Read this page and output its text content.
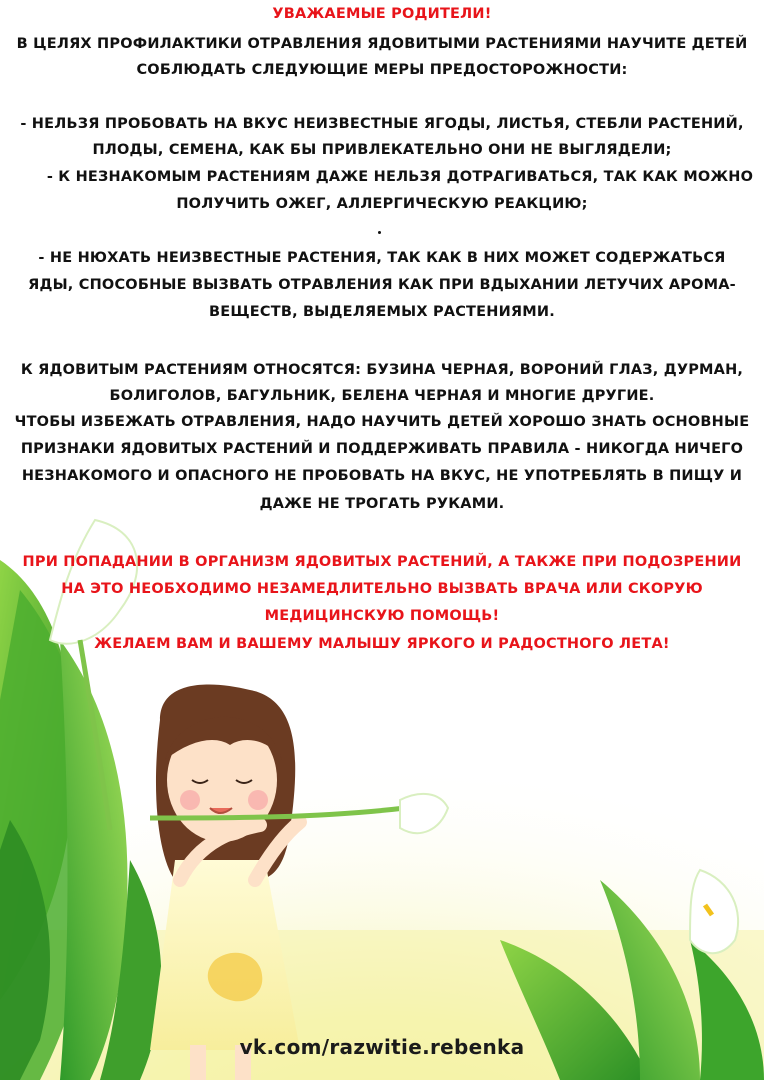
УВАЖАЕМЫЕ РОДИТЕЛИ!
В ЦЕЛЯХ ПРОФИЛАКТИКИ ОТРАВЛЕНИЯ ЯДОВИТЫМИ РАСТЕНИЯМИ НАУЧИТЕ ДЕТЕЙ
СОБЛЮДАТЬ СЛЕДУЮЩИЕ МЕРЫ ПРЕДОСТОРОЖНОСТИ:
- НЕЛЬЗЯ ПРОБОВАТЬ НА ВКУС НЕИЗВЕСТНЫЕ ЯГОДЫ, ЛИСТЬЯ, СТЕБЛИ РАСТЕНИЙ,
ПЛОДЫ, СЕМЕНА, КАК БЫ ПРИВЛЕКАТЕЛЬНО ОНИ НЕ ВЫГЛЯДЕЛИ;
- К НЕЗНАКОМЫМ РАСТЕНИЯМ ДАЖЕ НЕЛЬЗЯ ДОТРАГИВАТЬСЯ, ТАК КАК МОЖНО
ПОЛУЧИТЬ ОЖЕГ, АЛЛЕРГИЧЕСКУЮ РЕАКЦИЮ;
- НЕ НЮХАТЬ НЕИЗВЕСТНЫЕ РАСТЕНИЯ, ТАК КАК В НИХ МОЖЕТ СОДЕРЖАТЬСЯ
ЯДЫ, СПОСОБНЫЕ ВЫЗВАТЬ ОТРАВЛЕНИЯ КАК ПРИ ВДЫХАНИИ ЛЕТУЧИХ АРОМА-
ВЕЩЕСТВ, ВЫДЕЛЯЕМЫХ РАСТЕНИЯМИ.
К ЯДОВИТЫМ РАСТЕНИЯМ ОТНОСЯТСЯ: БУЗИНА ЧЕРНАЯ, ВОРОНИЙ ГЛАЗ, ДУРМАН,
БОЛИГОЛОВ, БАГУЛЬНИК, БЕЛЕНА ЧЕРНАЯ И МНОГИЕ ДРУГИЕ.
ЧТОБЫ ИЗБЕЖАТЬ ОТРАВЛЕНИЯ, НАДО НАУЧИТЬ ДЕТЕЙ ХОРОШО ЗНАТЬ ОСНОВНЫЕ
ПРИЗНАКИ ЯДОВИТЫХ РАСТЕНИЙ И ПОДДЕРЖИВАТЬ ПРАВИЛА - НИКОГДА НИЧЕГО
НЕЗНАКОМОГО И ОПАСНОГО НЕ ПРОБОВАТЬ НА ВКУС, НЕ УПОТРЕБЛЯТЬ В ПИЩУ И
ДАЖЕ НЕ ТРОГАТЬ РУКАМИ.
ПРИ ПОПАДАНИИ В ОРГАНИЗМ ЯДОВИТЫХ РАСТЕНИЙ, А ТАКЖЕ ПРИ ПОДОЗРЕНИИ
НА ЭТО НЕОБХОДИМО НЕЗАМЕДЛИТЕЛЬНО ВЫЗВАТЬ ВРАЧА ИЛИ СКОРУЮ
МЕДИЦИНСКУЮ ПОМОЩЬ!
ЖЕЛАЕМ ВАМ И ВАШЕМУ МАЛЫШУ ЯРКОГО И РАДОСТНОГО ЛЕТА!
vk.com/razwitie.rebenka
